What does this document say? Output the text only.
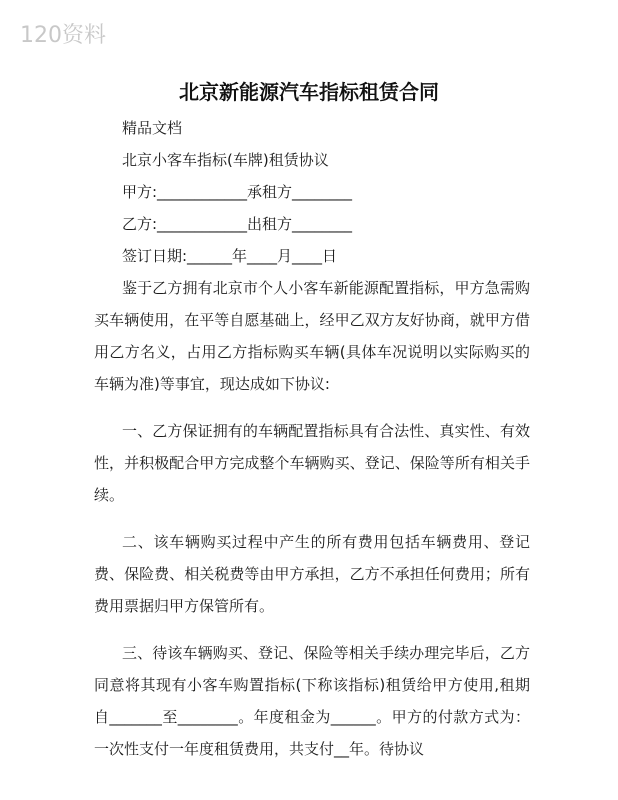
120资料
北京新能源汽车指标租赁合同
精品文档
北京小客车指标(车牌)租赁协议
甲方:____________承租方________
乙方:____________出租方________
签订日期:______年____月____日

鉴于乙方拥有北京市个人小客车新能源配置指标，甲方急需购买车辆使用，在平等自愿基础上，经甲乙双方友好协商，就甲方借用乙方名义，占用乙方指标购买车辆(具体车况说明以实际购买的车辆为准)等事宜，现达成如下协议:

一、乙方保证拥有的车辆配置指标具有合法性、真实性、有效性，并积极配合甲方完成整个车辆购买、登记、保险等所有相关手续。

二、该车辆购买过程中产生的所有费用包括车辆费用、登记费、保险费、相关税费等由甲方承担，乙方不承担任何费用；所有费用票据归甲方保管所有。

三、待该车辆购买、登记、保险等相关手续办理完毕后，乙方同意将其现有小客车购置指标(下称该指标)租赁给甲方使用,租期自_______至________。年度租金为______。甲方的付款方式为：一次性支付一年度租赁费用，共支付__年。待协议
